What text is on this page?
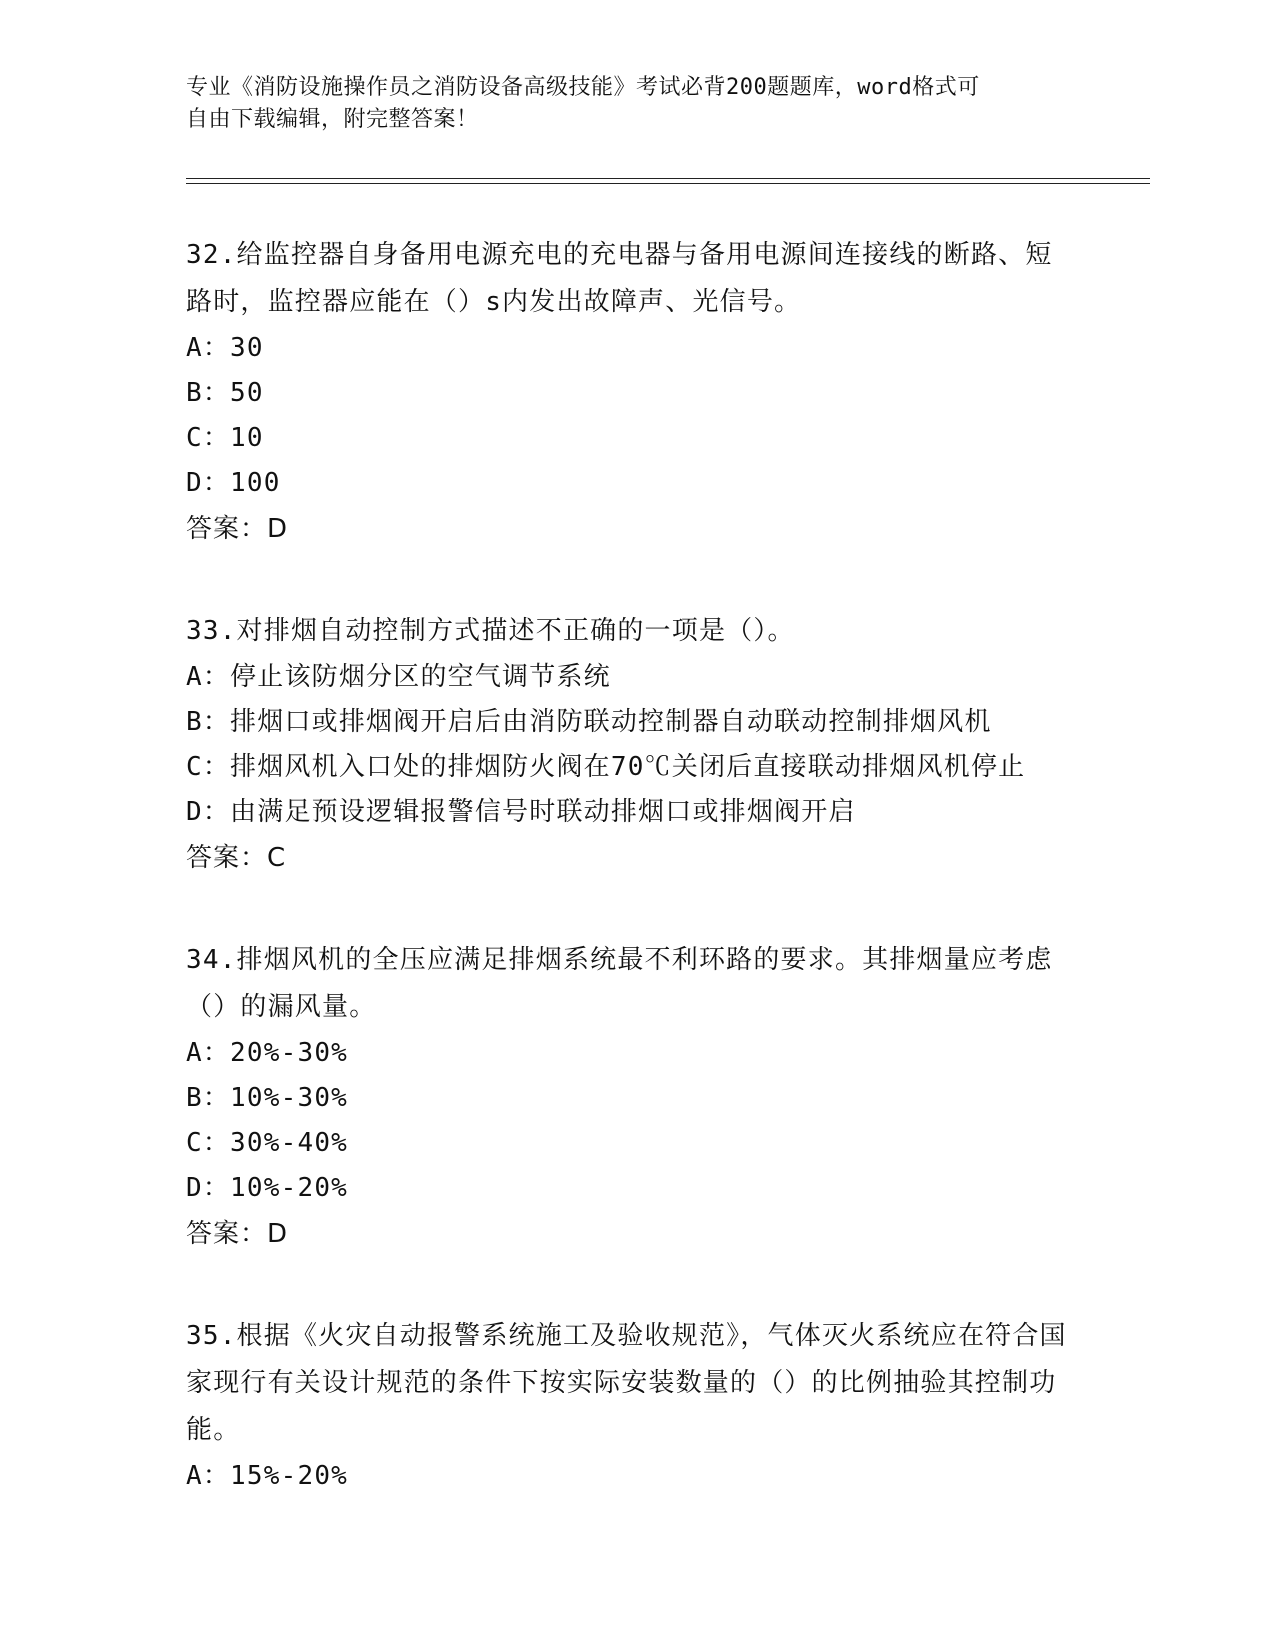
专业《消防设施操作员之消防设备高级技能》考试必背200题题库，word格式可
自由下载编辑，附完整答案！
32.给监控器自身备用电源充电的充电器与备用电源间连接线的断路、短路时，监控器应能在（）s内发出故障声、光信号。
A：30
B：50
C：10
D：100
答案：D
33.对排烟自动控制方式描述不正确的一项是（）。
A：停止该防烟分区的空气调节系统
B：排烟口或排烟阀开启后由消防联动控制器自动联动控制排烟风机
C：排烟风机入口处的排烟防火阀在70℃关闭后直接联动排烟风机停止
D：由满足预设逻辑报警信号时联动排烟口或排烟阀开启
答案：C
34.排烟风机的全压应满足排烟系统最不利环路的要求。其排烟量应考虑（）的漏风量。
A：20%-30%
B：10%-30%
C：30%-40%
D：10%-20%
答案：D
35.根据《火灾自动报警系统施工及验收规范》，气体灭火系统应在符合国家现行有关设计规范的条件下按实际安装数量的（）的比例抽验其控制功能。
A：15%-20%
